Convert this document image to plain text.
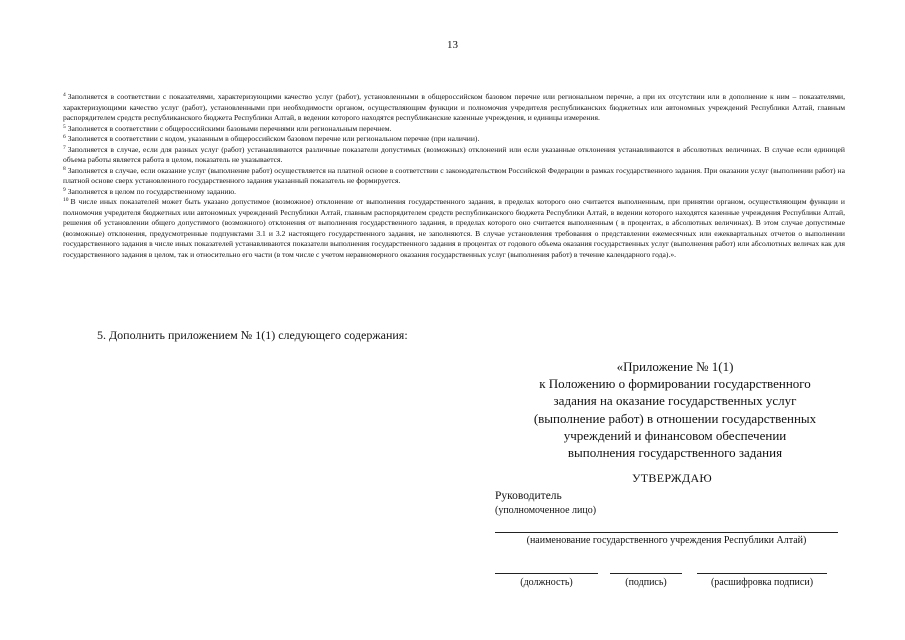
13

$^4$ Заполняется в соответствии с показателями, характеризующими качество услуг (работ), установленными в общероссийском базовом перечне или региональном перечне, а при их отсутствии или в дополнение к ним – показателями, характеризующими качество услуг (работ), установленными при необходимости органом, осуществляющим функции и полномочия учредителя республиканских бюджетных или автономных учреждений Республики Алтай, главным распорядителем средств республиканского бюджета Республики Алтай, в ведении которого находятся республиканские казенные учреждения, и единицы измерения.

$^5$ Заполняется в соответствии с общероссийскими базовыми перечнями или региональным перечнем.

$^6$ Заполняется в соответствии с кодом, указанным в общероссийском базовом перечне или региональном перечне (при наличии).

$^7$ Заполняется в случае, если для разных услуг (работ) устанавливаются различные показатели допустимых (возможных) отклонений или если указанные отклонения устанавливаются в абсолютных величинах. В случае если единицей объема работы является работа в целом, показатель не указывается.

$^8$ Заполняется в случае, если оказание услуг (выполнение работ) осуществляется на платной основе в соответствии с законодательством Российской Федерации в рамках государственного задания. При оказании услуг (выполнении работ) на платной основе сверх установленного государственного задания указанный показатель не формируется.

$^9$ Заполняется в целом по государственному заданию.

$^{10}$ В числе иных показателей может быть указано допустимое (возможное) отклонение от выполнения государственного задания, в пределах которого оно считается выполненным, при принятии органом, осуществляющим функции и полномочия учредителя бюджетных или автономных учреждений Республики Алтай, главным распорядителем средств республиканского бюджета Республики Алтай, в ведении которого находятся казенные учреждения Республики Алтай, решения об установлении общего допустимого (возможного) отклонения от выполнения государственного задания, в пределах которого оно считается выполненным ( в процентах, в абсолютных величинах). В этом случае допустимые (возможные) отклонения, предусмотренные подпунктами 3.1 и 3.2 настоящего государственного задания, не заполняются. В случае установления требования о представлении ежемесячных или ежеквартальных отчетов о выполнении государственного задания в числе иных показателей устанавливаются показатели выполнения государственного задания в процентах от годового объема оказания государственных услуг (выполнения работ) или абсолютных величах как для государственного задания в целом, так и относительно его части (в том числе с учетом неравномерного оказания государственных услуг (выполнения работ) в течение календарного года).».

5. Дополнить приложением № 1(1) следующего содержания:
«Приложение № 1(1)
к Положению о формировании государственного
задания на оказание государственных услуг
(выполнение работ) в отношении государственных
учреждений и финансовом обеспечении
выполнения государственного задания
УТВЕРЖДАЮ
Руководитель
(уполномоченное лицо)
(наименование государственного учреждения Республики Алтай)
(должность)	(подпись)	(расшифровка подписи)
